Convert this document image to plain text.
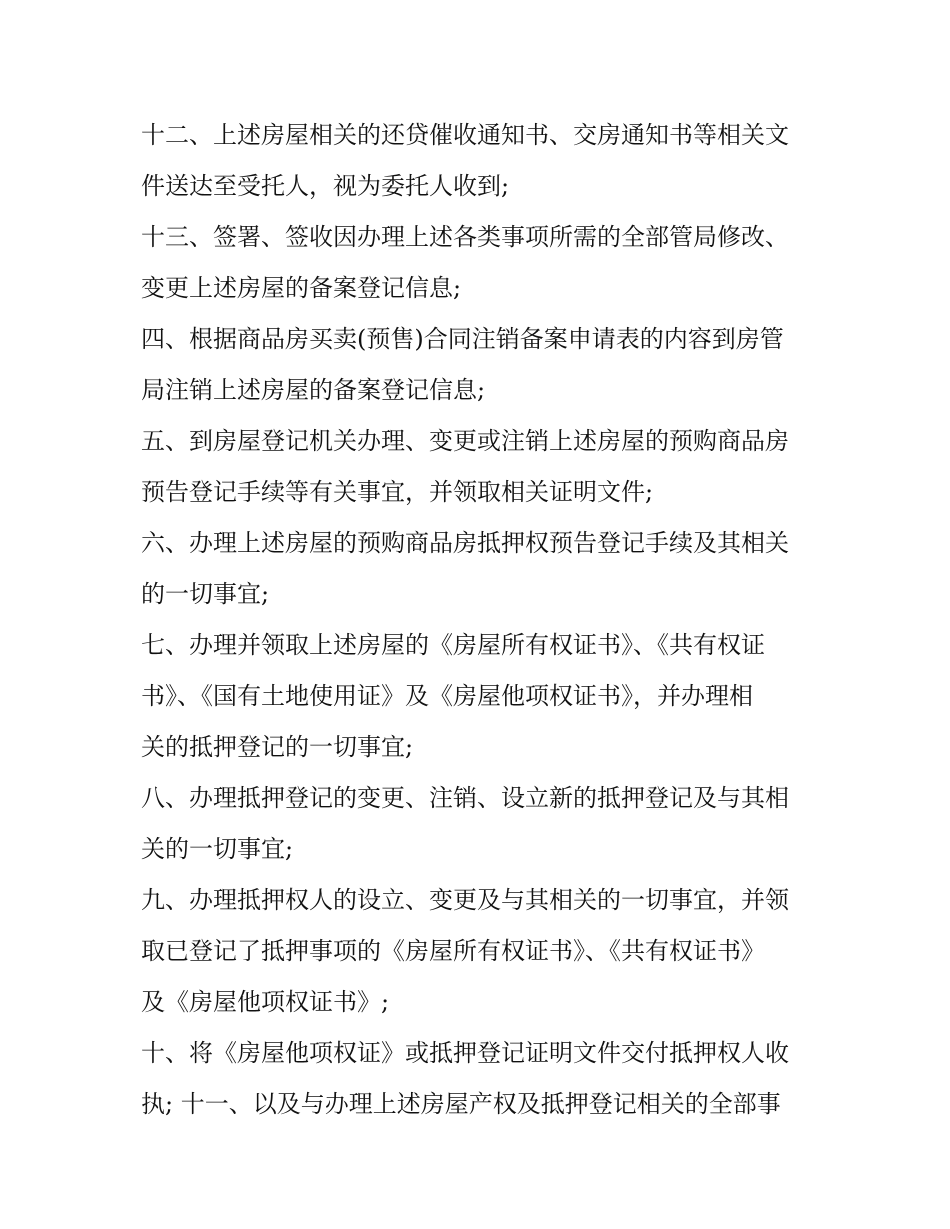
十二、上述房屋相关的还贷催收通知书、交房通知书等相关文
件送达至受托人，视为委托人收到;
十三、签署、签收因办理上述各类事项所需的全部管局修改、
变更上述房屋的备案登记信息;
四、根据商品房买卖(预售)合同注销备案申请表的内容到房管
局注销上述房屋的备案登记信息;
五、到房屋登记机关办理、变更或注销上述房屋的预购商品房
预告登记手续等有关事宜，并领取相关证明文件;
六、办理上述房屋的预购商品房抵押权预告登记手续及其相关
的一切事宜;
七、办理并领取上述房屋的《房屋所有权证书》、《共有权证
书》、《国有土地使用证》及《房屋他项权证书》，并办理相
关的抵押登记的一切事宜;
八、办理抵押登记的变更、注销、设立新的抵押登记及与其相
关的一切事宜;
九、办理抵押权人的设立、变更及与其相关的一切事宜，并领
取已登记了抵押事项的《房屋所有权证书》、《共有权证书》
及《房屋他项权证书》;
十、将《房屋他项权证》或抵押登记证明文件交付抵押权人收
执; 十一、以及与办理上述房屋产权及抵押登记相关的全部事
